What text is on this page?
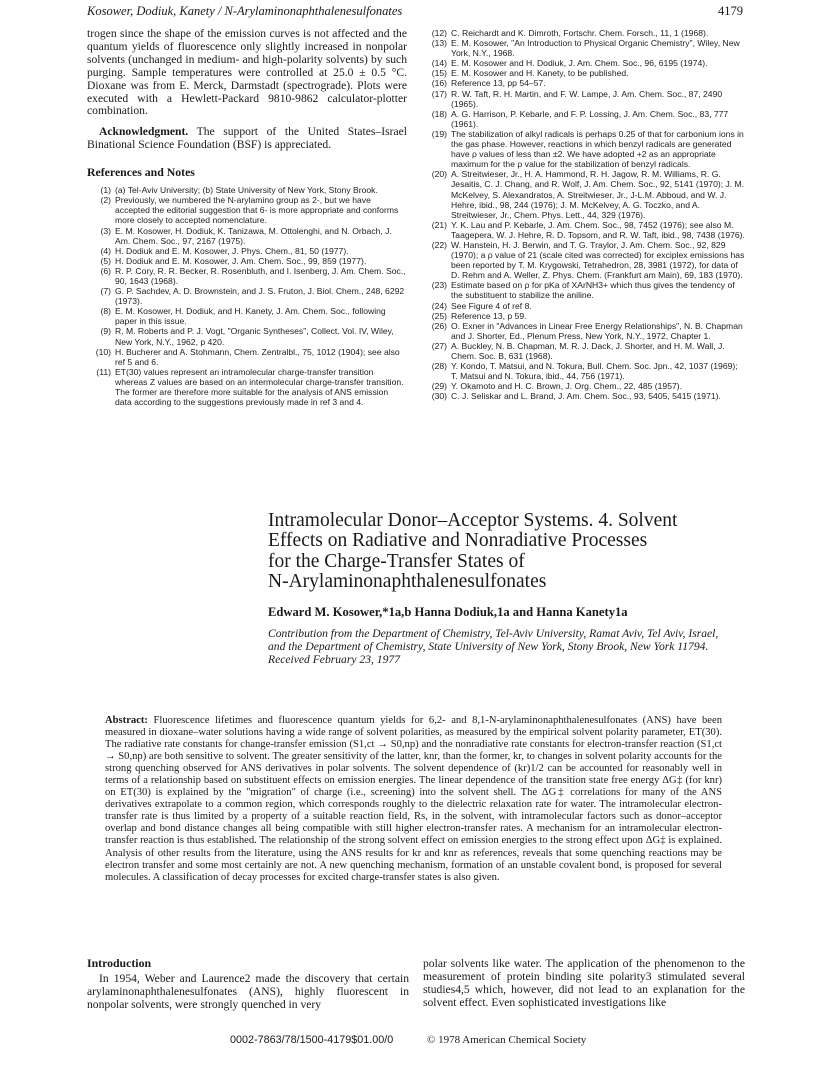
Kosower, Dodiuk, Kanety / N-Arylaminonaphthalenesulfonates	4179

trogen since the shape of the emission curves is not affected and the quantum yields of fluorescence only slightly increased in nonpolar solvents (unchanged in medium- and high-polarity solvents) by such purging. Sample temperatures were controlled at 25.0 ± 0.5 °C. Dioxane was from E. Merck, Darmstadt (spectrograde). Plots were executed with a Hewlett-Packard 9810-9862 calculator-plotter combination.

Acknowledgment. The support of the United States–Israel Binational Science Foundation (BSF) is appreciated.

References and Notes
(1) (a) Tel-Aviv University; (b) State University of New York, Stony Brook.
(2) Previously, we numbered the N-arylamino group as 2-, but we have accepted the editorial suggestion that 6- is more appropriate and conforms more closely to accepted nomenclature.
(3) E. M. Kosower, H. Dodiuk, K. Tanizawa, M. Ottolenghi, and N. Orbach, J. Am. Chem. Soc., 97, 2167 (1975).
(4) H. Dodiuk and E. M. Kosower, J. Phys. Chem., 81, 50 (1977).
(5) H. Dodiuk and E. M. Kosower, J. Am. Chem. Soc., 99, 859 (1977).
(6) R. P. Cory, R. R. Becker, R. Rosenbluth, and I. Isenberg, J. Am. Chem. Soc., 90, 1643 (1968).
(7) G. P. Sachdev, A. D. Brownstein, and J. S. Fruton, J. Biol. Chem., 248, 6292 (1973).
(8) E. M. Kosower, H. Dodiuk, and H. Kanety, J. Am. Chem. Soc., following paper in this issue.
(9) R. M. Roberts and P. J. Vogt, "Organic Syntheses", Collect. Vol. IV, Wiley, New York, N.Y., 1962, p 420.
(10) H. Bucherer and A. Stohmann, Chem. Zentralbl., 75, 1012 (1904); see also ref 5 and 6.
(11) ET(30) values represent an intramolecular charge-transfer transition whereas Z values are based on an intermolecular charge-transfer transition. The former are therefore more suitable for the analysis of ANS emission data according to the suggestions previously made in ref 3 and 4.
(12) C. Reichardt and K. Dimroth, Fortschr. Chem. Forsch., 11, 1 (1968).
(13) E. M. Kosower, "An Introduction to Physical Organic Chemistry", Wiley, New York, N.Y., 1968.
(14) E. M. Kosower and H. Dodiuk, J. Am. Chem. Soc., 96, 6195 (1974).
(15) E. M. Kosower and H. Kanety, to be published.
(16) Reference 13, pp 54–57.
(17) R. W. Taft, R. H. Martin, and F. W. Lampe, J. Am. Chem. Soc., 87, 2490 (1965).
(18) A. G. Harrison, P. Kebarle, and F. P. Lossing, J. Am. Chem. Soc., 83, 777 (1961).
(19) The stabilization of alkyl radicals is perhaps 0.25 of that for carbonium ions in the gas phase. However, reactions in which benzyl radicals are generated have ρ values of less than ±2. We have adopted +2 as an appropriate maximum for the ρ value for the stabilization of benzyl radicals.
(20) A. Streitwieser, Jr., H. A. Hammond, R. H. Jagow, R. M. Williams, R. G. Jesaitis, C. J. Chang, and R. Wolf, J. Am. Chem. Soc., 92, 5141 (1970); J. M. McKelvey, S. Alexandratos, A. Streitwieser, Jr., J-L.M. Abboud, and W. J. Hehre, ibid., 98, 244 (1976); J. M. McKelvey, A. G. Toczko, and A. Streitwieser, Jr., Chem. Phys. Lett., 44, 329 (1976).
(21) Y. K. Lau and P. Kebarle, J. Am. Chem. Soc., 98, 7452 (1976); see also M. Taagepera, W. J. Hehre, R. D. Topsom, and R. W. Taft, ibid., 98, 7438 (1976).
(22) W. Hanstein, H. J. Berwin, and T. G. Traylor, J. Am. Chem. Soc., 92, 829 (1970); a ρ value of 21 (scale cited was corrected) for exciplex emissions has been reported by T. M. Krygowski, Tetrahedron, 28, 3981 (1972), for data of D. Rehm and A. Weller, Z. Phys. Chem. (Frankfurt am Main), 69, 183 (1970).
(23) Estimate based on ρ for pKa of XArNH3+ which thus gives the tendency of the substituent to stabilize the aniline.
(24) See Figure 4 of ref 8.
(25) Reference 13, p 59.
(26) O. Exner in "Advances in Linear Free Energy Relationships", N. B. Chapman and J. Shorter, Ed., Plenum Press, New York, N.Y., 1972, Chapter 1.
(27) A. Buckley, N. B. Chapman, M. R. J. Dack, J. Shorter, and H. M. Wall, J. Chem. Soc. B, 631 (1968).
(28) Y. Kondo, T. Matsui, and N. Tokura, Bull. Chem. Soc. Jpn., 42, 1037 (1969); T. Matsui and N. Tokura, ibid., 44, 756 (1971).
(29) Y. Okamoto and H. C. Brown, J. Org. Chem., 22, 485 (1957).
(30) C. J. Seliskar and L. Brand, J. Am. Chem. Soc., 93, 5405, 5415 (1971).
Intramolecular Donor–Acceptor Systems. 4. Solvent
Effects on Radiative and Nonradiative Processes
for the Charge-Transfer States of
N-Arylaminonaphthalenesulfonates
Edward M. Kosower,*1a,b Hanna Dodiuk,1a and Hanna Kanety1a
Contribution from the Department of Chemistry, Tel-Aviv University, Ramat Aviv, Tel Aviv, Israel, and the Department of Chemistry, State University of New York, Stony Brook, New York 11794. Received February 23, 1977

Abstract: Fluorescence lifetimes and fluorescence quantum yields for 6,2- and 8,1-N-arylaminonaphthalenesulfonates (ANS) have been measured in dioxane–water solutions having a wide range of solvent polarities, as measured by the empirical solvent polarity parameter, ET(30). The radiative rate constants for change-transfer emission (S1,ct → S0,np) and the nonradiative rate constants for electron-transfer reaction (S1,ct → S0,np) are both sensitive to solvent. The greater sensitivity of the latter, knr, than the former, kr, to changes in solvent polarity accounts for the strong quenching observed for ANS derivatives in polar solvents. The solvent dependence of (kr)1/2 can be accounted for reasonably well in terms of a relationship based on substituent effects on emission energies. The linear dependence of the transition state free energy ΔG‡ (for knr) on ET(30) is explained by the "migration" of charge (i.e., screening) into the solvent shell. The ΔG‡ correlations for many of the ANS derivatives extrapolate to a common region, which corresponds roughly to the dielectric relaxation rate for water. The intramolecular electron-transfer rate is thus limited by a property of a suitable reaction field, Rs, in the solvent, with intramolecular factors such as donor–acceptor overlap and bond distance changes all being compatible with still higher electron-transfer rates. A mechanism for an intramolecular electron-transfer reaction is thus established. The relationship of the strong solvent effect on emission energies to the strong effect upon ΔG‡ is explained. Analysis of other results from the literature, using the ANS results for kr and knr as references, reveals that some quenching reactions may be electron transfer and some most certainly are not. A new quenching mechanism, formation of an unstable covalent bond, is proposed for several molecules. A classification of decay processes for excited charge-transfer states is also given.

Introduction

In 1954, Weber and Laurence2 made the discovery that certain arylaminonaphthalenesulfonates (ANS), highly fluorescent in nonpolar solvents, were strongly quenched in very

polar solvents like water. The application of the phenomenon to the measurement of protein binding site polarity3 stimulated several studies4,5 which, however, did not lead to an explanation for the solvent effect. Even sophisticated investigations like

0002-7863/78/1500-4179$01.00/0	© 1978 American Chemical Society
